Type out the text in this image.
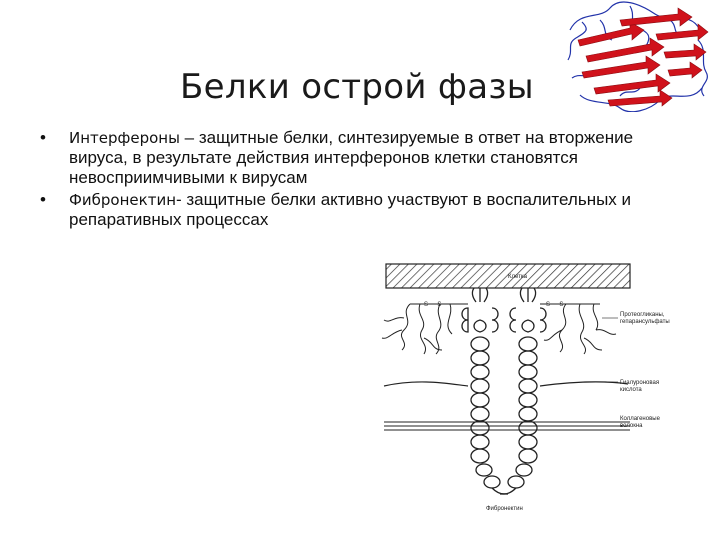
Белки острой фазы
• Интерфероны – защитные белки, синтезируемые в ответ на вторжение вируса, в результате действия интерферонов клетки становятся невосприимчивыми к вирусам
• Фибронектин- защитные белки активно участвуют в воспалительных и репаративных процессах
Клетка
S — S	S — S
Протеогликаны,
гепарансульфаты
Гиалуроновая
кислота
Коллагеновые
волокна
Фибронектин
